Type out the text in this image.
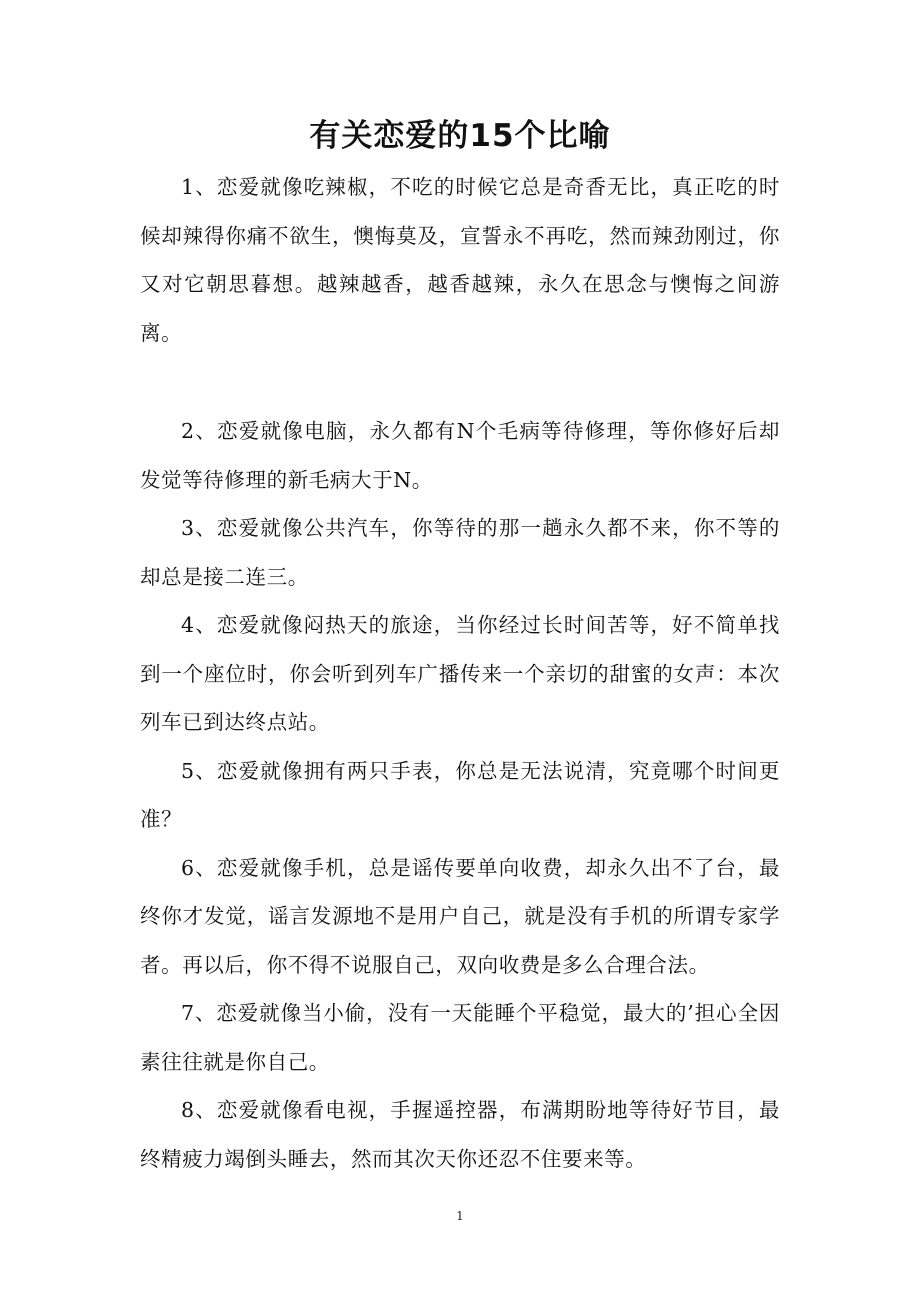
有关恋爱的15个比喻

1、恋爱就像吃辣椒，不吃的时候它总是奇香无比，真正吃的时候却辣得你痛不欲生，懊悔莫及，宣誓永不再吃，然而辣劲刚过，你又对它朝思暮想。越辣越香，越香越辣，永久在思念与懊悔之间游离。

2、恋爱就像电脑，永久都有N个毛病等待修理，等你修好后却发觉等待修理的新毛病大于N。

3、恋爱就像公共汽车，你等待的那一趟永久都不来，你不等的却总是接二连三。

4、恋爱就像闷热天的旅途，当你经过长时间苦等，好不简单找到一个座位时，你会听到列车广播传来一个亲切的甜蜜的女声：本次列车已到达终点站。

5、恋爱就像拥有两只手表，你总是无法说清，究竟哪个时间更准？

6、恋爱就像手机，总是谣传要单向收费，却永久出不了台，最终你才发觉，谣言发源地不是用户自己，就是没有手机的所谓专家学者。再以后，你不得不说服自己，双向收费是多么合理合法。

7、恋爱就像当小偷，没有一天能睡个平稳觉，最大的’担心全因素往往就是你自己。

8、恋爱就像看电视，手握遥控器，布满期盼地等待好节目，最终精疲力竭倒头睡去，然而其次天你还忍不住要来等。

1
